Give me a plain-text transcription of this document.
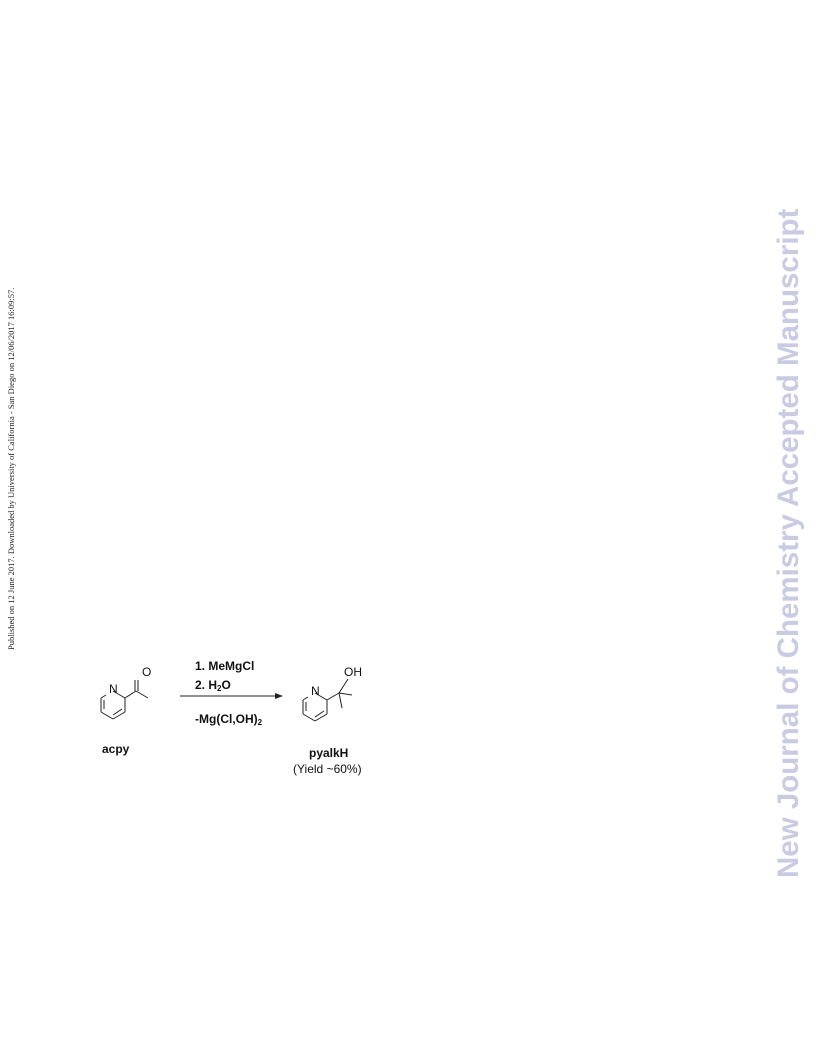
Published on 12 June 2017. Downloaded by University of California - San Diego on 12/06/2017 16:09:57.	New Journal of Chemistry Accepted Manuscript
N
O
acpy
1. MeMgCl
2. $H_2O$
$-Mg(Cl,OH)_2$
N
OH
pyalkH
(Yield ~60%)
